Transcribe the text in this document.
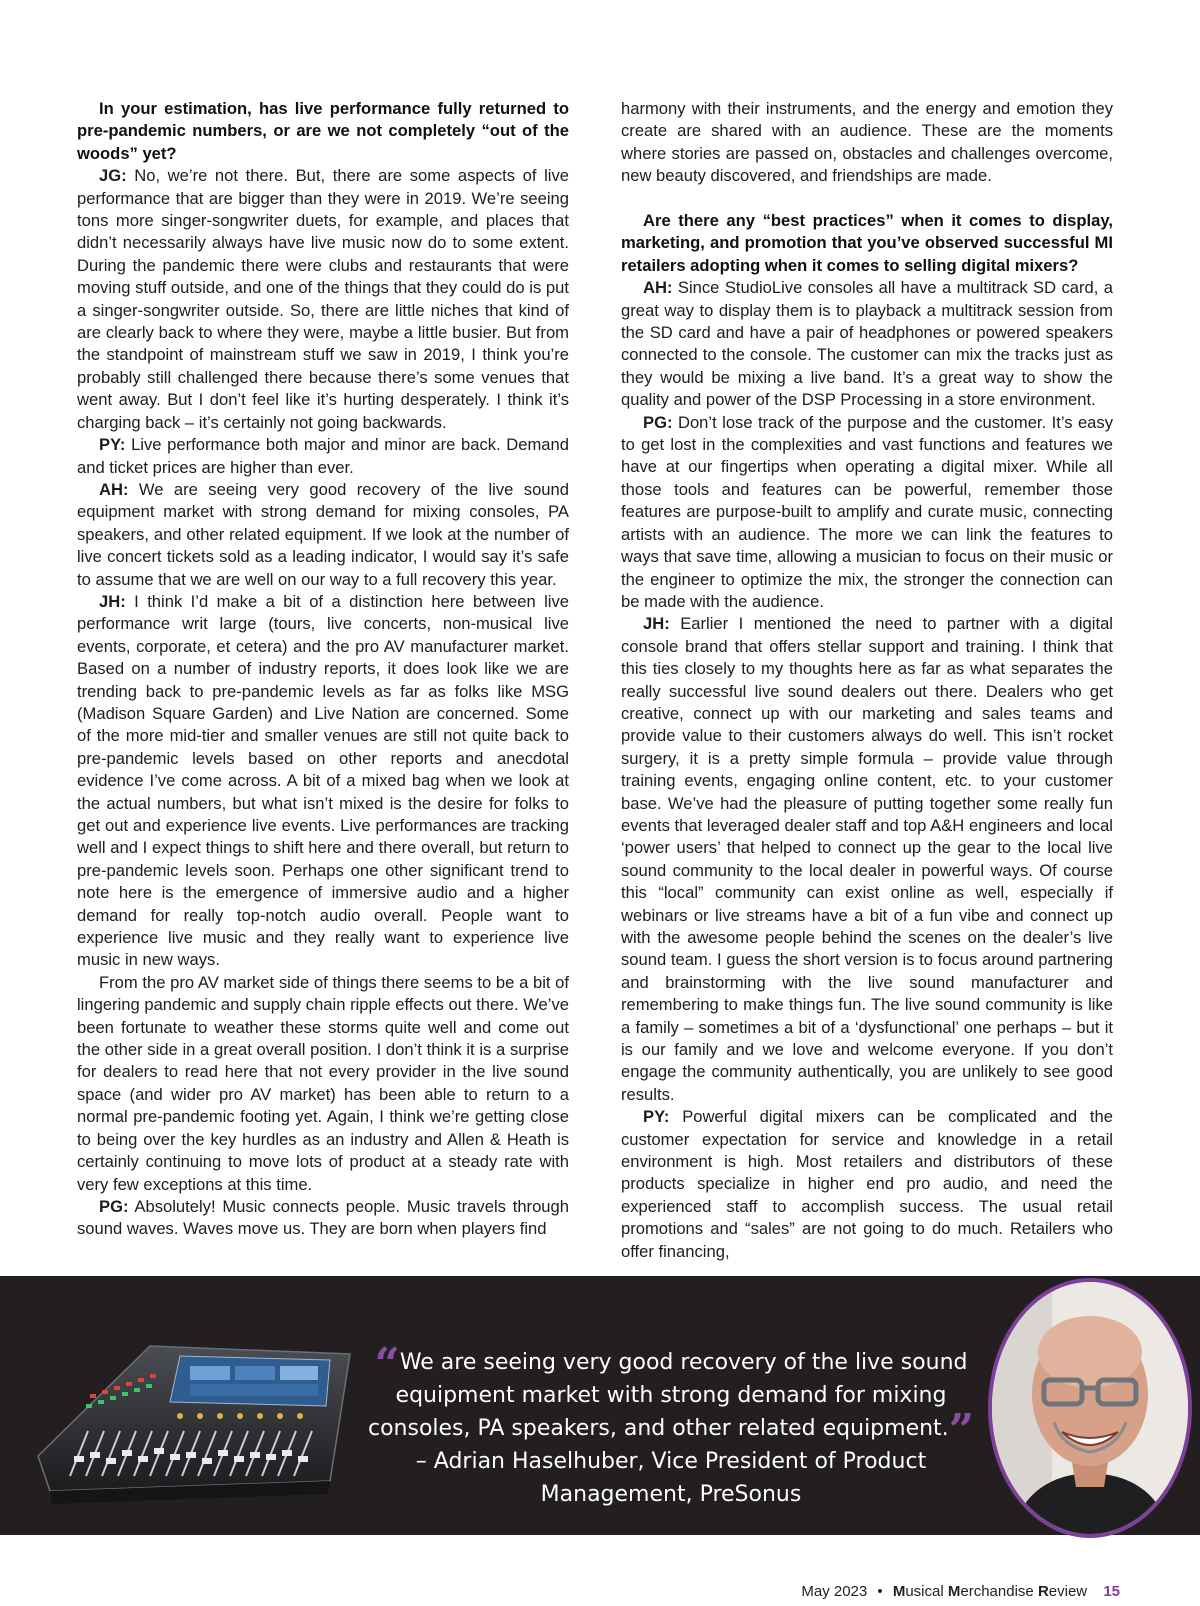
In your estimation, has live performance fully returned to pre-pandemic numbers, or are we not completely “out of the woods” yet?

JG: No, we’re not there. But, there are some aspects of live performance that are bigger than they were in 2019. We’re seeing tons more singer-songwriter duets, for example, and places that didn’t necessarily always have live music now do to some extent. During the pandemic there were clubs and restaurants that were moving stuff outside, and one of the things that they could do is put a singer-songwriter outside. So, there are little niches that kind of are clearly back to where they were, maybe a little busier. But from the standpoint of mainstream stuff we saw in 2019, I think you’re probably still challenged there because there’s some venues that went away. But I don’t feel like it’s hurting desperately. I think it’s charging back – it’s certainly not going backwards.

PY: Live performance both major and minor are back. Demand and ticket prices are higher than ever.

AH: We are seeing very good recovery of the live sound equipment market with strong demand for mixing consoles, PA speakers, and other related equipment. If we look at the number of live concert tickets sold as a leading indicator, I would say it’s safe to assume that we are well on our way to a full recovery this year.

JH: I think I’d make a bit of a distinction here between live performance writ large (tours, live concerts, non-musical live events, corporate, et cetera) and the pro AV manufacturer market. Based on a number of industry reports, it does look like we are trending back to pre-pandemic levels as far as folks like MSG (Madison Square Garden) and Live Nation are concerned. Some of the more mid-tier and smaller venues are still not quite back to pre-pandemic levels based on other reports and anecdotal evidence I’ve come across. A bit of a mixed bag when we look at the actual numbers, but what isn’t mixed is the desire for folks to get out and experience live events. Live performances are tracking well and I expect things to shift here and there overall, but return to pre-pandemic levels soon. Perhaps one other significant trend to note here is the emergence of immersive audio and a higher demand for really top-notch audio overall. People want to experience live music and they really want to experience live music in new ways.

From the pro AV market side of things there seems to be a bit of lingering pandemic and supply chain ripple effects out there. We’ve been fortunate to weather these storms quite well and come out the other side in a great overall position. I don’t think it is a surprise for dealers to read here that not every provider in the live sound space (and wider pro AV market) has been able to return to a normal pre-pandemic footing yet. Again, I think we’re getting close to being over the key hurdles as an industry and Allen & Heath is certainly continuing to move lots of product at a steady rate with very few exceptions at this time.

PG: Absolutely! Music connects people. Music travels through sound waves. Waves move us. They are born when players find

harmony with their instruments, and the energy and emotion they create are shared with an audience. These are the moments where stories are passed on, obstacles and challenges overcome, new beauty discovered, and friendships are made.

Are there any “best practices” when it comes to display, marketing, and promotion that you’ve observed successful MI retailers adopting when it comes to selling digital mixers?

AH: Since StudioLive consoles all have a multitrack SD card, a great way to display them is to playback a multitrack session from the SD card and have a pair of headphones or powered speakers connected to the console. The customer can mix the tracks just as they would be mixing a live band. It’s a great way to show the quality and power of the DSP Processing in a store environment.

PG: Don’t lose track of the purpose and the customer. It’s easy to get lost in the complexities and vast functions and features we have at our fingertips when operating a digital mixer. While all those tools and features can be powerful, remember those features are purpose-built to amplify and curate music, connecting artists with an audience. The more we can link the features to ways that save time, allowing a musician to focus on their music or the engineer to optimize the mix, the stronger the connection can be made with the audience.

JH: Earlier I mentioned the need to partner with a digital console brand that offers stellar support and training. I think that this ties closely to my thoughts here as far as what separates the really successful live sound dealers out there. Dealers who get creative, connect up with our marketing and sales teams and provide value to their customers always do well. This isn’t rocket surgery, it is a pretty simple formula – provide value through training events, engaging online content, etc. to your customer base. We’ve had the pleasure of putting together some really fun events that leveraged dealer staff and top A&H engineers and local ‘power users’ that helped to connect up the gear to the local live sound community to the local dealer in powerful ways. Of course this “local” community can exist online as well, especially if webinars or live streams have a bit of a fun vibe and connect up with the awesome people behind the scenes on the dealer’s live sound team. I guess the short version is to focus around partnering and brainstorming with the live sound manufacturer and remembering to make things fun. The live sound community is like a family – sometimes a bit of a ‘dysfunctional’ one perhaps – but it is our family and we love and welcome everyone. If you don’t engage the community authentically, you are unlikely to see good results.

PY: Powerful digital mixers can be complicated and the customer expectation for service and knowledge in a retail environment is high. Most retailers and distributors of these products specialize in higher end pro audio, and need the experienced staff to accomplish success. The usual retail promotions and “sales” are not going to do much. Retailers who offer financing,

“We are seeing very good recovery of the live sound equipment market with strong demand for mixing consoles, PA speakers, and other related equipment.”
– Adrian Haselhuber, Vice President of Product Management, PreSonus
May 2023 • Musical Merchandise Review 15
